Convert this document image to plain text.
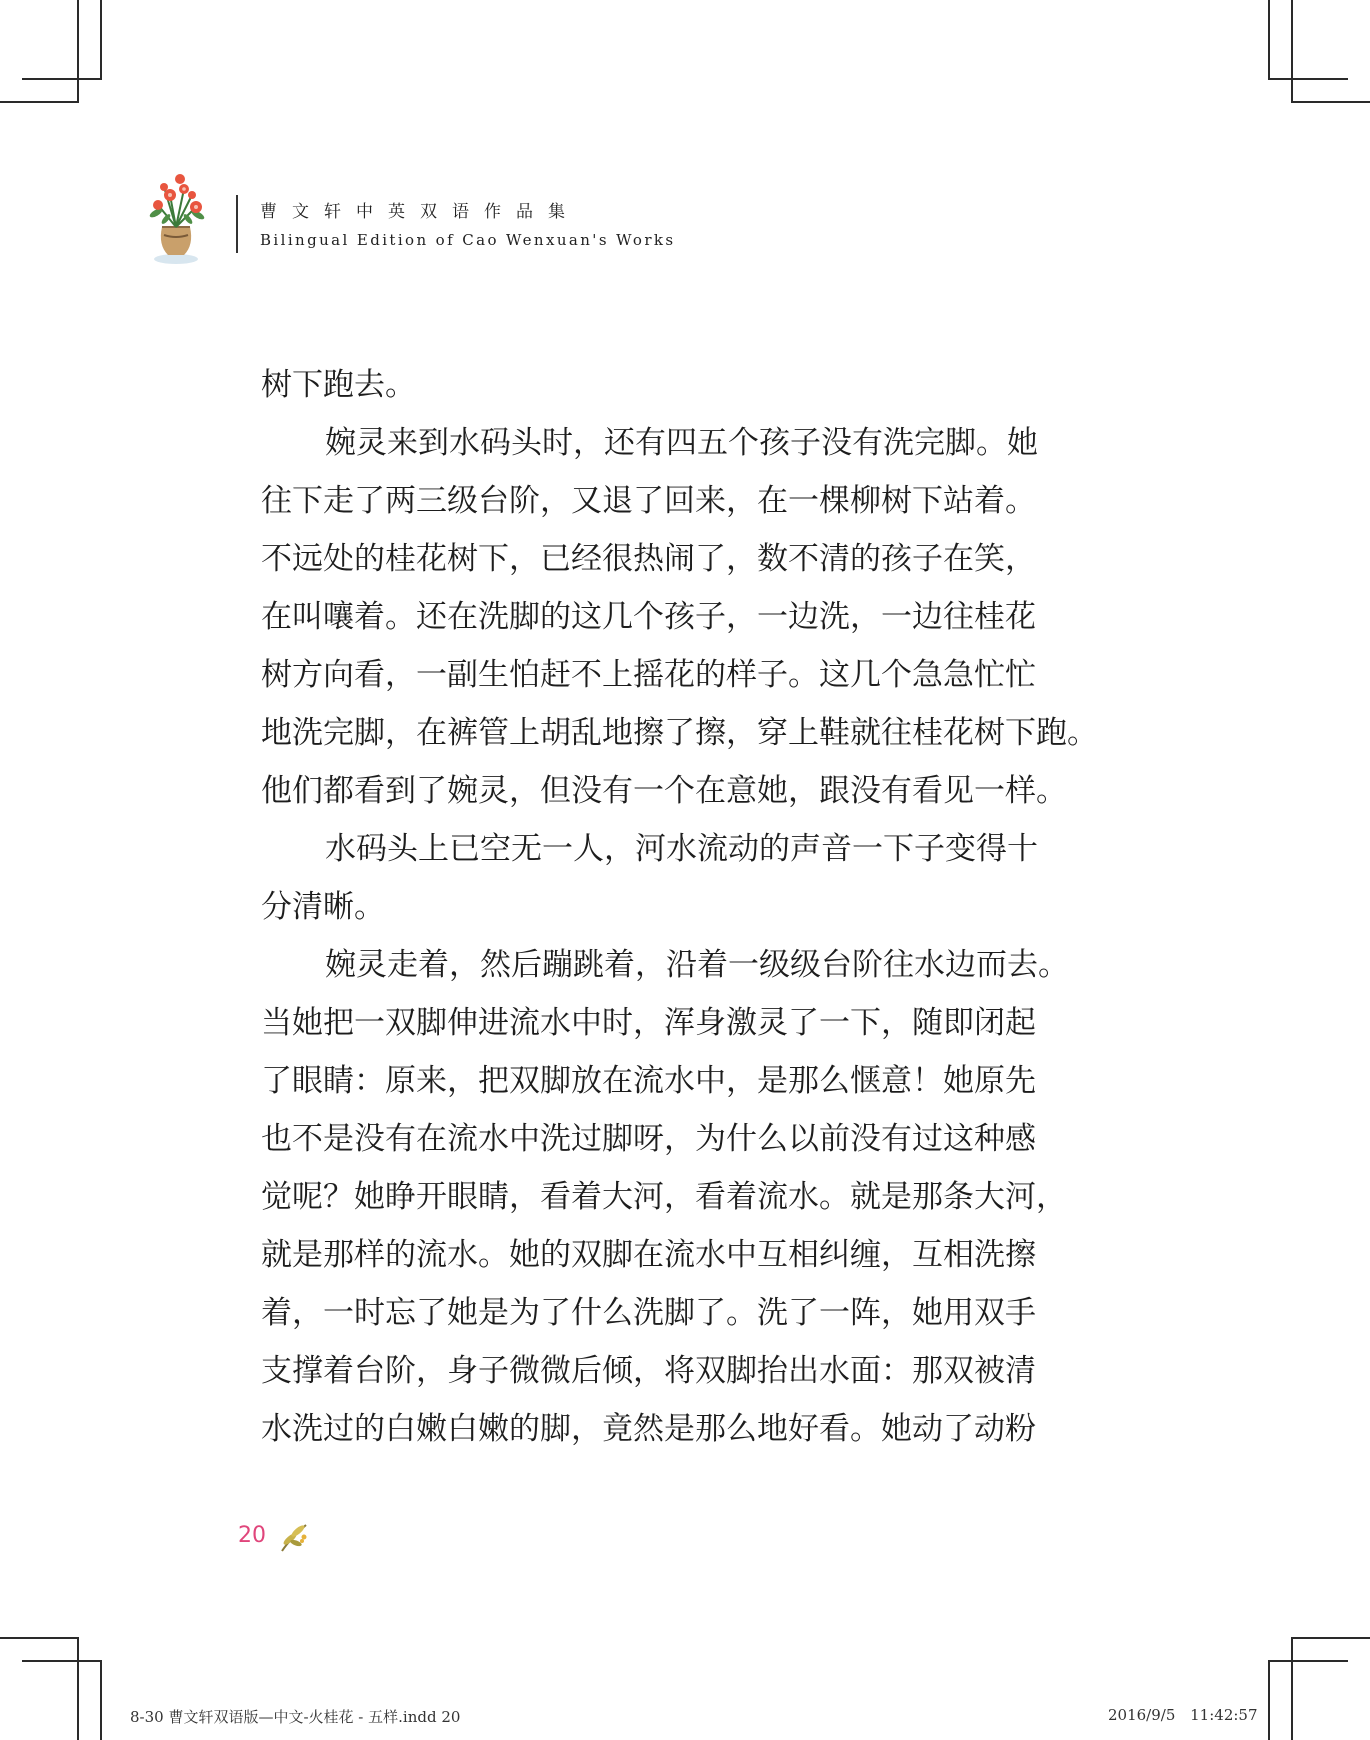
曹文轩中英双语作品集
Bilingual Edition of Cao Wenxuan's Works
树下跑去。
婉灵来到水码头时，还有四五个孩子没有洗完脚。她
往下走了两三级台阶，又退了回来，在一棵柳树下站着。
不远处的桂花树下，已经很热闹了，数不清的孩子在笑，
在叫嚷着。还在洗脚的这几个孩子，一边洗，一边往桂花
树方向看，一副生怕赶不上摇花的样子。这几个急急忙忙
地洗完脚，在裤管上胡乱地擦了擦，穿上鞋就往桂花树下跑。
他们都看到了婉灵，但没有一个在意她，跟没有看见一样。
水码头上已空无一人，河水流动的声音一下子变得十
分清晰。
婉灵走着，然后蹦跳着，沿着一级级台阶往水边而去。
当她把一双脚伸进流水中时，浑身激灵了一下，随即闭起
了眼睛：原来，把双脚放在流水中，是那么惬意！她原先
也不是没有在流水中洗过脚呀，为什么以前没有过这种感
觉呢？她睁开眼睛，看着大河，看着流水。就是那条大河，
就是那样的流水。她的双脚在流水中互相纠缠，互相洗擦
着，一时忘了她是为了什么洗脚了。洗了一阵，她用双手
支撑着台阶，身子微微后倾，将双脚抬出水面：那双被清
水洗过的白嫩白嫩的脚，竟然是那么地好看。她动了动粉
20
8-30 曹文轩双语版—中文-火桂花 - 五样.indd 20	2016/9/5 11:42:57
